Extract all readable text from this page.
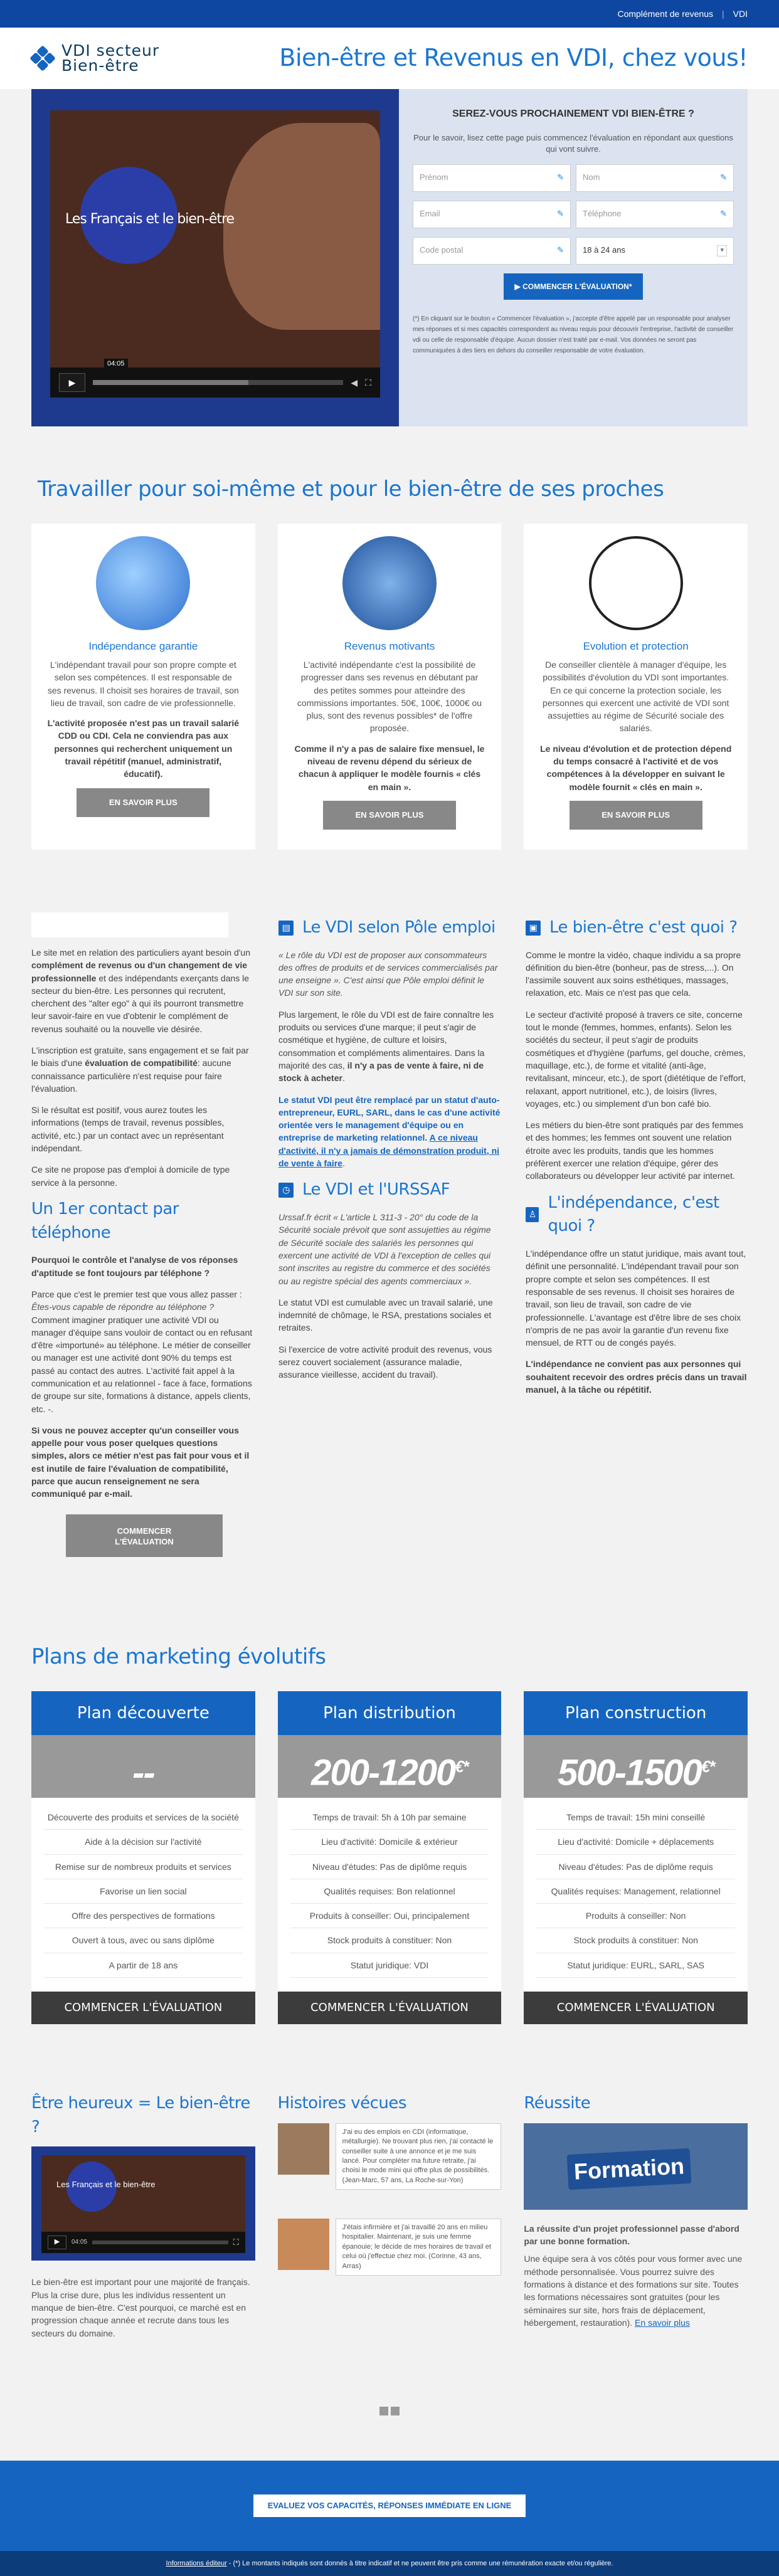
Complément de revenus | VDI
VDI secteur
Bien-être	Bien-être et Revenus en VDI, chez vous!
Les Français et le bien-être
▶
04:05
◀ ⛶
SEREZ-VOUS PROCHAINEMENT VDI BIEN-ÊTRE ?

Pour le savoir, lisez cette page puis commencez l'évaluation en répondant aux questions qui vont suivre.

Prénom	✎ Nom	✎
Email	✎ Téléphone	✎
Code postal	✎ 18 à 24 ans	▾
▶ COMMENCER L'ÉVALUATION*

(*) En cliquant sur le bouton « Commencer l'évaluation », j'accepte d'être appelé par un responsable pour analyser mes réponses et si mes capacités correspondent au niveau requis pour découvrir l'entreprise, l'activité de conseiller vdi ou celle de responsable d'équipe. Aucun dossier n'est traité par e-mail. Vos données ne seront pas communiquées à des tiers en dehors du conseiller responsable de votre évaluation.

Travailler pour soi-même et pour le bien-être de ses proches
Indépendance garantie

L'indépendant travail pour son propre compte et selon ses compétences. Il est responsable de ses revenus. Il choisit ses horaires de travail, son lieu de travail, son cadre de vie professionnelle.

L'activité proposée n'est pas un travail salarié CDD ou CDI. Cela ne conviendra pas aux personnes qui recherchent uniquement un travail répétitif (manuel, administratif, éducatif).

EN SAVOIR PLUS
Revenus motivants

L'activité indépendante c'est la possibilité de progresser dans ses revenus en débutant par des petites sommes pour atteindre des commissions importantes. 50€, 100€, 1000€ ou plus, sont des revenus possibles* de l'offre proposée.

Comme il n'y a pas de salaire fixe mensuel, le niveau de revenu dépend du sérieux de chacun à appliquer le modèle fournis « clés en main ».

EN SAVOIR PLUS
Evolution et protection

De conseiller clientèle à manager d'équipe, les possibilités d'évolution du VDI sont importantes. En ce qui concerne la protection sociale, les personnes qui exercent une activité de VDI sont assujetties au régime de Sécurité sociale des salariés.

Le niveau d'évolution et de protection dépend du temps consacré à l'activité et de vos compétences à la développer en suivant le modèle fournit « clés en main ».

EN SAVOIR PLUS

Le site met en relation des particuliers ayant besoin d'un complément de revenus ou d'un changement de vie professionnelle et des indépendants exerçants dans le secteur du bien-être. Les personnes qui recrutent, cherchent des "alter ego" à qui ils pourront transmettre leur savoir-faire en vue d'obtenir le complément de revenus souhaité ou la nouvelle vie désirée.

L'inscription est gratuite, sans engagement et se fait par le biais d'une évaluation de compatibilité: aucune connaissance particulière n'est requise pour faire l'évaluation.

Si le résultat est positif, vous aurez toutes les informations (temps de travail, revenus possibles, activité, etc.) par un contact avec un représentant indépendant.

Ce site ne propose pas d'emploi à domicile de type service à la personne.

Un 1er contact par téléphone

Pourquoi le contrôle et l'analyse de vos réponses d'aptitude se font toujours par téléphone ?

Parce que c'est le premier test que vous allez passer : Êtes-vous capable de répondre au téléphone ? Comment imaginer pratiquer une activité VDI ou manager d'équipe sans vouloir de contact ou en refusant d'être «importuné» au téléphone. Le métier de conseiller ou manager est une activité dont 90% du temps est passé au contact des autres. L'activité fait appel à la communication et au relationnel - face à face, formations de groupe sur site, formations à distance, appels clients, etc. -.

Si vous ne pouvez accepter qu'un conseiller vous appelle pour vous poser quelques questions simples, alors ce métier n'est pas fait pour vous et il est inutile de faire l'évaluation de compatibilité, parce que aucun renseignement ne sera communiqué par e-mail.

COMMENCER
L'ÉVALUATION
▤ Le VDI selon Pôle emploi

« Le rôle du VDI est de proposer aux consommateurs des offres de produits et de services commercialisés par une enseigne ». C'est ainsi que Pôle emploi définit le VDI sur son site.

Plus largement, le rôle du VDI est de faire connaître les produits ou services d'une marque; il peut s'agir de cosmétique et hygiène, de culture et loisirs, consommation et compléments alimentaires. Dans la majorité des cas, il n'y a pas de vente à faire, ni de stock à acheter.

Le statut VDI peut être remplacé par un statut d'auto-entrepreneur, EURL, SARL, dans le cas d'une activité orientée vers le management d'équipe ou en entreprise de marketing relationnel. A ce niveau d'activité, il n'y a jamais de démonstration produit, ni de vente à faire.

◷ Le VDI et l'URSSAF

Urssaf.fr écrit « L'article L 311-3 - 20° du code de la Sécurité sociale prévoit que sont assujetties au régime de Sécurité sociale des salariés les personnes qui exercent une activité de VDI à l'exception de celles qui sont inscrites au registre du commerce et des sociétés ou au registre spécial des agents commerciaux ».

Le statut VDI est cumulable avec un travail salarié, une indemnité de chômage, le RSA, prestations sociales et retraites.

Si l'exercice de votre activité produit des revenus, vous serez couvert socialement (assurance maladie, assurance vieillesse, accident du travail).

▣ Le bien-être c'est quoi ?

Comme le montre la vidéo, chaque individu a sa propre définition du bien-être (bonheur, pas de stress,...). On l'assimile souvent aux soins esthétiques, massages, relaxation, etc. Mais ce n'est pas que cela.

Le secteur d'activité proposé à travers ce site, concerne tout le monde (femmes, hommes, enfants). Selon les sociétés du secteur, il peut s'agir de produits cosmétiques et d'hygiène (parfums, gel douche, crèmes, maquillage, etc.), de forme et vitalité (anti-âge, revitalisant, minceur, etc.), de sport (diététique de l'effort, relaxant, apport nutritionel, etc.), de loisirs (livres, voyages, etc.) ou simplement d'un bon café bio.

Les métiers du bien-être sont pratiqués par des femmes et des hommes; les femmes ont souvent une relation étroite avec les produits, tandis que les hommes préfèrent exercer une relation d'équipe, gérer des collaborateurs ou développer leur activité par internet.

♙
L'indépendance, c'est quoi ?

L'indépendance offre un statut juridique, mais avant tout, définit une personnalité. L'indépendant travail pour son propre compte et selon ses compétences. Il est responsable de ses revenus. Il choisit ses horaires de travail, son lieu de travail, son cadre de vie professionnelle. L'avantage est d'être libre de ses choix n'ompris de ne pas avoir la garantie d'un revenu fixe mensuel, de RTT ou de congés payés.

L'indépendance ne convient pas aux personnes qui souhaitent recevoir des ordres précis dans un travail manuel, à la tâche ou répétitif.

Plans de marketing évolutifs
Plan découverte
--
Découverte des produits et services de la société
Aide à la décision sur l'activité
Remise sur de nombreux produits et services
Favorise un lien social
Offre des perspectives de formations
Ouvert à tous, avec ou sans diplôme
A partir de 18 ans
COMMENCER L'ÉVALUATION
Plan distribution
200-1200€*
Temps de travail: 5h à 10h par semaine
Lieu d'activité: Domicile & extérieur
Niveau d'études: Pas de diplôme requis
Qualités requises: Bon relationnel
Produits à conseiller: Oui, principalement
Stock produits à constituer: Non
Statut juridique: VDI
COMMENCER L'ÉVALUATION
Plan construction
500-1500€*
Temps de travail: 15h mini conseillé
Lieu d'activité: Domicile + déplacements
Niveau d'études: Pas de diplôme requis
Qualités requises: Management, relationnel
Produits à conseiller: Non
Stock produits à constituer: Non
Statut juridique: EURL, SARL, SAS
COMMENCER L'ÉVALUATION
Être heureux = Le bien-être ?
Les Français et le bien-être
▶	04:05	⛶

Le bien-être est important pour une majorité de français. Plus la crise dure, plus les individus ressentent un manque de bien-être. C'est pourquoi, ce marché est en progression chaque année et recrute dans tous les secteurs du domaine.

Histoires vécues
J'ai eu des emplois en CDI (informatique, métallurgie). Ne trouvant plus rien, j'ai contacté le conseiller suite à une annonce et je me suis lancé. Pour compléter ma future retraite, j'ai choisi le mode mini qui offre plus de possibilités. (Jean-Marc, 57 ans, La Roche-sur-Yon)
J'étais infirmière et j'ai travaillé 20 ans en milieu hospitalier. Maintenant, je suis une femme épanouie; le décide de mes horaires de travail et celui où j'effectue chez moi. (Corinne, 43 ans, Arras)
Réussite
Formation

La réussite d'un projet professionnel passe d'abord par une bonne formation.

Une équipe sera à vos côtés pour vous former avec une méthode personnalisée. Vous pourrez suivre des formations à distance et des formations sur site. Toutes les formations nécessaires sont gratuites (pour les séminaires sur site, hors frais de déplacement, hébergement, restauration). En savoir plus

EVALUEZ VOS CAPACITÉS, RÉPONSES IMMÉDIATE EN LIGNE
Informations éditeur - (*) Le montants indiqués sont donnés à titre indicatif et ne peuvent être pris comme une rémunération exacte et/ou régulière.
